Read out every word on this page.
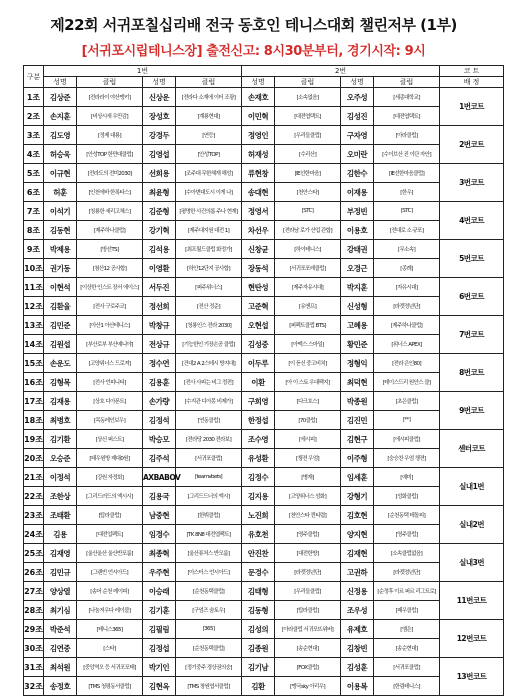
제22회 서귀포칠십리배 전국 동호인 테니스대회 챌린저부 (1부)
[서귀포시립테니스장] 출전신고: 8시30분부터, 경기시작: 9시
구분	1번				2번				코 트
	성명	클럽	성명	클럽	성명	클럽	성명	클럽	배 정
1조	김상준	[전라라이 야산맹키]	신상운	[전라다 소재에 이터 조광]	손재호	[소속없음]	오주성	[세종대학교]	1번코트
2조	손지훈	[비상시새 우만감]	장성호	[계룡현대]	이민혁	[대전엽택트]	김성진	[대전엽택트]	
3조	김도영	[정제 대룡]	강경두	[연등]	정영인	[우리들클럽]	구자영	[아라클럽]	2번코트
4조	허승욱	[안성TOP 한만대클럽]	김영섭	[안성TOP]	허재성	[수리산]	오미란	[수이브산 진 이단 자안]	
5조	이규현	[전라도의 전미2030]	선희용	[조주대 무한체재 해성]	류현창	[IE선한마음]	김한수	[IE선한마음클럽]	3번코트
6조	허훈	[인천에바 한록타스]	최윤형	[수아변대도시 이게 나]	송대현	[천안스타]	이재용	[한우]	
7조	이석기	[청룡한 세리고체스]	김준형	[평명한 사건의롭 주나 현재]	정영서	[STC]	부정빈	[STC]	4번코트
8조	김동현	[제주하나클럽]	강기혁	[제주대지원 대전 1]	차선우	[전라남 로가 산업 관합]	이용호	[전대로 소 규포]	
9조	박제용	[방선TS]	김석용	[최프월드클럽 화정가]	신창균	[하이테니스]	강태권	[무소속]	5번코트
10조	권기동	[첨산12 공사합]	이영환	[하안12단지 공사합]	장동석	[서귀포포레클럽]	오경근	[종례]	
11조	이현석	[이상한 인스트 장서 에이스]	서두진	[퍼주위너스]	현탄성	[제주자유시대]	박지훈	[자유시대]	6번코트
12조	김환율	[전사 구로주코]	정선희	[전산 정준]	고준혁	[유앤프]	신성형	[라켓정년단]	
13조	김민준	[아산1 아산테니스]	박창규	[청룡인스 전라 2030]	오현섭	[퍼펙트클럽 BTS]	고혜용	[제주하나클럽]	7번코트
14조	김원섭	[부산로부 부산예니야]	전상규	[기능한인 기장손공 클럽]	김성중	[아맥스 스마일]	황민준	[위너스 APEX]	
15조	손운도	[고양위너스 드로져]	정수연	[건대2 A 2스테시 방지대]	이두루	[이 듣신 중고비치]	정형익	[전라 은인80]	8번코트
16조	김형목	[전사 언피니티]	김용훈	[전사 사피는 비그 정전]	이환	[아 이 스토 우대팩지]	최덕현	[테이스드리 원안스 클]	
17조	김재용	[상호 디아폰트]	손가량	[수지관 디아몽 비제가]	구희영	[다크호스]	박종원	[초은클럽]	9번코트
18조	최병호	[목동레인보우]	김정석	[연동클럽]	한정섭	[70클럽]	김진민	[**]	
19조	김기환	[상신 퍼스트]	박승모	[전라당 2030 전라보]	조수영	[에시피]	김현구	[에시피클럽]	센터코트
20조	오승준	[태우원방 제대0원]	김주석	[서귀포클럽]	유성환	[챙젼 우엄]	이주형	[숭승찬 우엄 챙젼]	
21조	이정석	[강원 자정회]	AXBABOV	[teamvbets]	김정수	[병재]	임세훈	[예미]	실내1번
22조	조한상	[그리드러드의 엑시시]	김용국	[그리드드너의 엑시]	김지용	[고양위너스 성화]	강형기	[성화클럽]	
23조	조태환	[탑라클럽]	남중현	[한뷔클럽]	노진희	[천안스타 퀸티렵]	김호현	[순천동택 테돌피]	실내2번
24조	김용	[대전업펙트]	임경수	[TK 8N8 대전엽팩트]	유호천	[영주클럽]	양지현	[영주클럽]	
25조	김재영	[울산울산 울산반포룸]	최종혁	[울산퓨처스 반모룸]	안진찬	[대전한방]	김재현	[소속클럽없음]	실내3번
26조	김민규	[그랜빈 언시아드]	우주현	[아스터스 언시아드]	문경수	[라켓정년단]	고권하	[라켓정년단]	
27조	양상열	[송어 순천 레이피]	이승래	[순천동택클럽]	김태형	[우리들클럽]	신정용	[순정후 이르 퍼르 리그트로]	11번코트
28조	최기심	[나눔저우다 레이블]	김기훈	[구엄즈 숨토우]	김동형	[탑라클럽]	조우성	[패우클럽]	
29조	박준석	[테니스365]	김필림	[365]	김성의	[아라클럽 서귀포뜨위버]	유제호	[엠은]	12번코트
30조	김연중	[스타]	김정섭	[순천동택클럽]	김종원	[송순현대]	김창빈	[송순현대]	
31조	최석원	[중앙역오 등 서귀포포태]	박기인	[정기중주 경상권의숭]	김기남	[FOX클럽]	김성훈	[서귀포클럽]	13번코트
32조	송정호	[TMS 청평동서클럽]	김현옥	[TMS 창원엽서클럽]	김환	[맹국sky 아리우]	이용복	[한림테니스]	
